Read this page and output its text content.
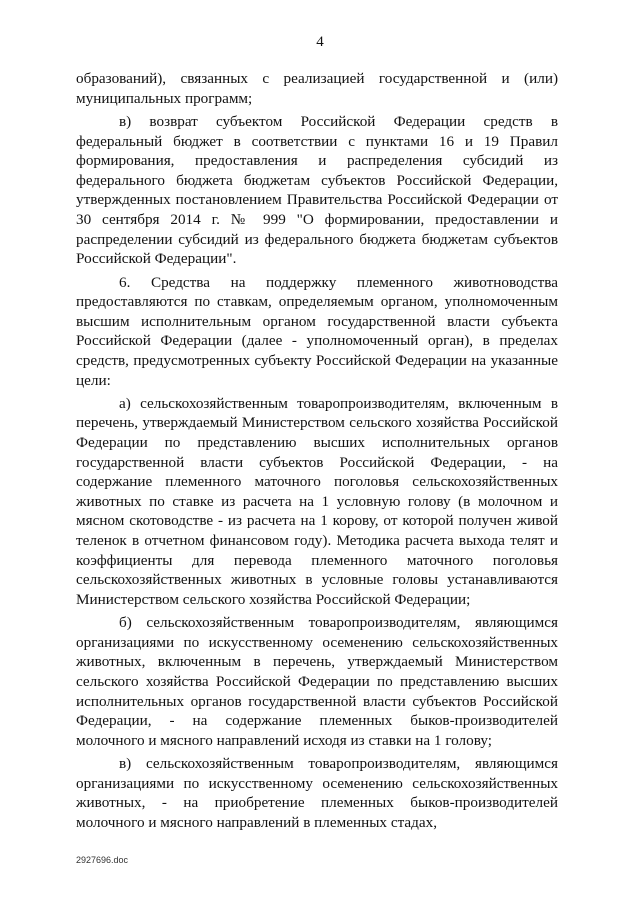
4

образований), связанных с реализацией государственной и (или) муниципальных программ;

в) возврат субъектом Российской Федерации средств в федеральный бюджет в соответствии с пунктами 16 и 19 Правил формирования, предоставления и распределения субсидий из федерального бюджета бюджетам субъектов Российской Федерации, утвержденных постановлением Правительства Российской Федерации от 30 сентября 2014 г. № 999 "О формировании, предоставлении и распределении субсидий из федерального бюджета бюджетам субъектов Российской Федерации".

6. Средства на поддержку племенного животноводства предоставляются по ставкам, определяемым органом, уполномоченным высшим исполнительным органом государственной власти субъекта Российской Федерации (далее - уполномоченный орган), в пределах средств, предусмотренных субъекту Российской Федерации на указанные цели:

а) сельскохозяйственным товаропроизводителям, включенным в перечень, утверждаемый Министерством сельского хозяйства Российской Федерации по представлению высших исполнительных органов государственной власти субъектов Российской Федерации, - на содержание племенного маточного поголовья сельскохозяйственных животных по ставке из расчета на 1 условную голову (в молочном и мясном скотоводстве - из расчета на 1 корову, от которой получен живой теленок в отчетном финансовом году). Методика расчета выхода телят и коэффициенты для перевода племенного маточного поголовья сельскохозяйственных животных в условные головы устанавливаются Министерством сельского хозяйства Российской Федерации;

б) сельскохозяйственным товаропроизводителям, являющимся организациями по искусственному осеменению сельскохозяйственных животных, включенным в перечень, утверждаемый Министерством сельского хозяйства Российской Федерации по представлению высших исполнительных органов государственной власти субъектов Российской Федерации, - на содержание племенных быков-производителей молочного и мясного направлений исходя из ставки на 1 голову;

в) сельскохозяйственным товаропроизводителям, являющимся организациями по искусственному осеменению сельскохозяйственных животных, - на приобретение племенных быков-производителей молочного и мясного направлений в племенных стадах,

2927696.doc
